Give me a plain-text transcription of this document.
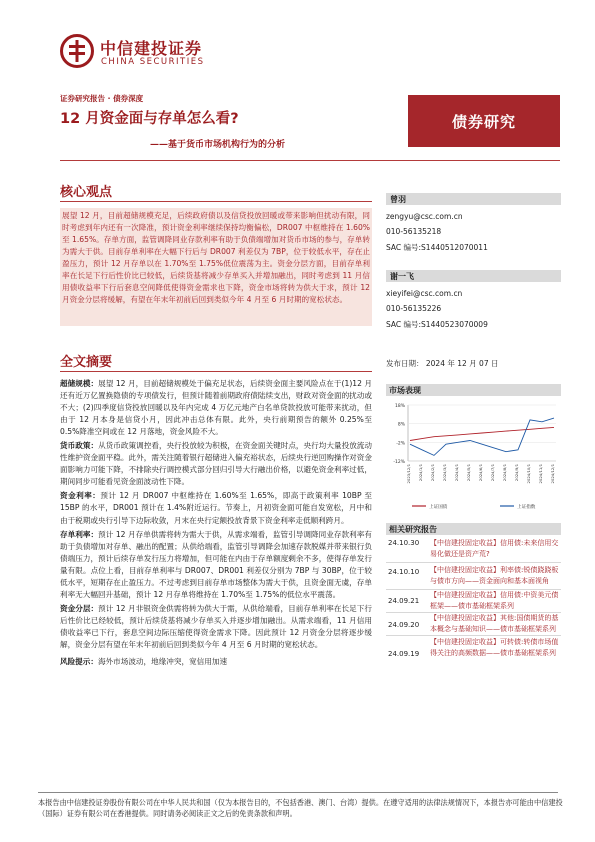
中信建投证券
CHINA SECURITIES
证券研究报告 · 债券深度
12 月资金面与存单怎么看?
——基于货币市场机构行为的分析
债券研究
核心观点
展望 12 月，目前超储规模充足，后续政府债以及信贷投放回暖或带来影响但扰动有限，同时考虑到年内还有一次降准，预计资金利率继续保持均衡偏松，DR007 中枢维持在 1.60%至 1.65%。存单方面，监管调降同业存款利率有助于负债端增加对货币市场的参与，存单转为需大于供。目前存单利率在大幅下行后与 DR007 利差仅为 7BP，位于较低水平，存在止盈压力，预计 12 月存单以在 1.70%至 1.75%低位震荡为主。资金分层方面，目前存单利率在长足下行后性价比已较低，后续货基将减少存单买入并增加融出，同时考虑到 11 月信用债收益率下行后套息空间降低使得资金需求也下降，资金市场将转为供大于求，预计 12 月资金分层将缓解，有望在年末年初前后回到类似今年 4 月至 6 月时期的宽松状态。
全文摘要

超储规模：展望 12 月，目前超储规模处于偏充足状态，后续资金面主要风险点在于(1)12 月还有近万亿置换隐债的专项债发行，但预计随着前期政府债陆续支出，财政对资金面的扰动或不大；(2)四季度信贷投放回暖以及年内完成 4 万亿元地产白名单贷款投放可能带来扰动，但由于 12 月本身是信贷小月，因此冲击总体有限。此外，央行前期预告的额外 0.25%至 0.5%降准空间或在 12 月落地，资金风险不大。

货币政策：从货币政策调控看，央行投放较为积极，在资金面关键时点，央行均大量投放流动性维护资金面平稳。此外，需关注随着银行超储进入偏充裕状态，后续央行逆回购操作对资金面影响力可能下降，不排除央行调控模式部分回归引导大行融出价格，以避免资金利率过低，期间同步可能看见资金面波动性下降。

资金利率：预计 12 月 DR007 中枢维持在 1.60%至 1.65%，即高于政策利率 10BP 至 15BP 的水平，DR001 预计在 1.4%附近运行。节奏上，月初资金面可能自发宽松，月中和由于税期或央行引导下边际收敛，月末在央行定额投放背景下资金利率走低顺利跨月。

存单利率：预计 12 月存单供需将转为需大于供，从需求端看，监管引导调降同业存款利率有助于负债增加对存单、融出的配置；从供给端看，监管引导调降会加速存款脱媒并带来银行负债端压力，预计后续存单发行压力将增加，但可能在内由于存单额度剩余不多，使得存单发行量有限。点位上看，目前存单利率与 DR007、DR001 利差仅分别为 7BP 与 30BP，位于较低水平，短期存在止盈压力。不过考虑到目前存单市场整体为需大于供，且资金面无虞，存单利率无大幅回升基础，预计 12 月存单将维持在 1.70%至 1.75%的低位水平震荡。

资金分层：预计 12 月非银资金供需将转为供大于需，从供给端看，目前存单利率在长足下行后性价比已经较低，预计后续货基将减少存单买入并逐步增加融出。从需求端看，11 月信用债收益率已下行，套息空间边际压缩使得资金需求下降。因此预计 12 月资金分层将逐步缓解，资金分层有望在年末年初前后回到类似今年 4 月至 6 月时期的宽松状态。

风险提示：海外市场波动，地缘冲突，宽信用加速

曾羽
zengyu@csc.com.cn
010-56135218
SAC 编号:S1440512070011
谢一飞
xieyifei@csc.com.cn
010-56135226
SAC 编号:S1440523070009
发布日期： 2024 年 12 月 07 日
市场表现
18%
8%
-2%
-12%
2023/12/1 2024/1/1 2024/2/1 2024/3/1 2024/4/1 2024/5/1 2024/6/1 2024/7/1 2024/8/1 2024/9/1 2024/10/1 2024/11/1 2024/12/1
上证国债	上证指数
相关研究报告
24.10.30	【中信建投固定收益】信用债:未来信用交易化做还是资产荒?
24.10.10	【中信建投固定收益】利率债:锐债跷跷板与债市方向——资金面向和基本面视角
24.09.21
【中信建投固定收益】信用债:中资美元债框架——债市基础框架系列
24.09.20
【中信建投固定收益】其他:国债期货的基本概念与基础知识——债市基础框架系列
24.09.19
【中信建投固定收益】可转债:转债市场值得关注的高频数据——债市基础框架系列
本报告由中信建投证券股份有限公司在中华人民共和国（仅为本报告目的，不包括香港、澳门、台湾）提供。在遵守适用的法律法规情况下，本报告亦可能由中信建投（国际）证券有限公司在香港提供。同时请务必阅读正文之后的免责条款和声明。
